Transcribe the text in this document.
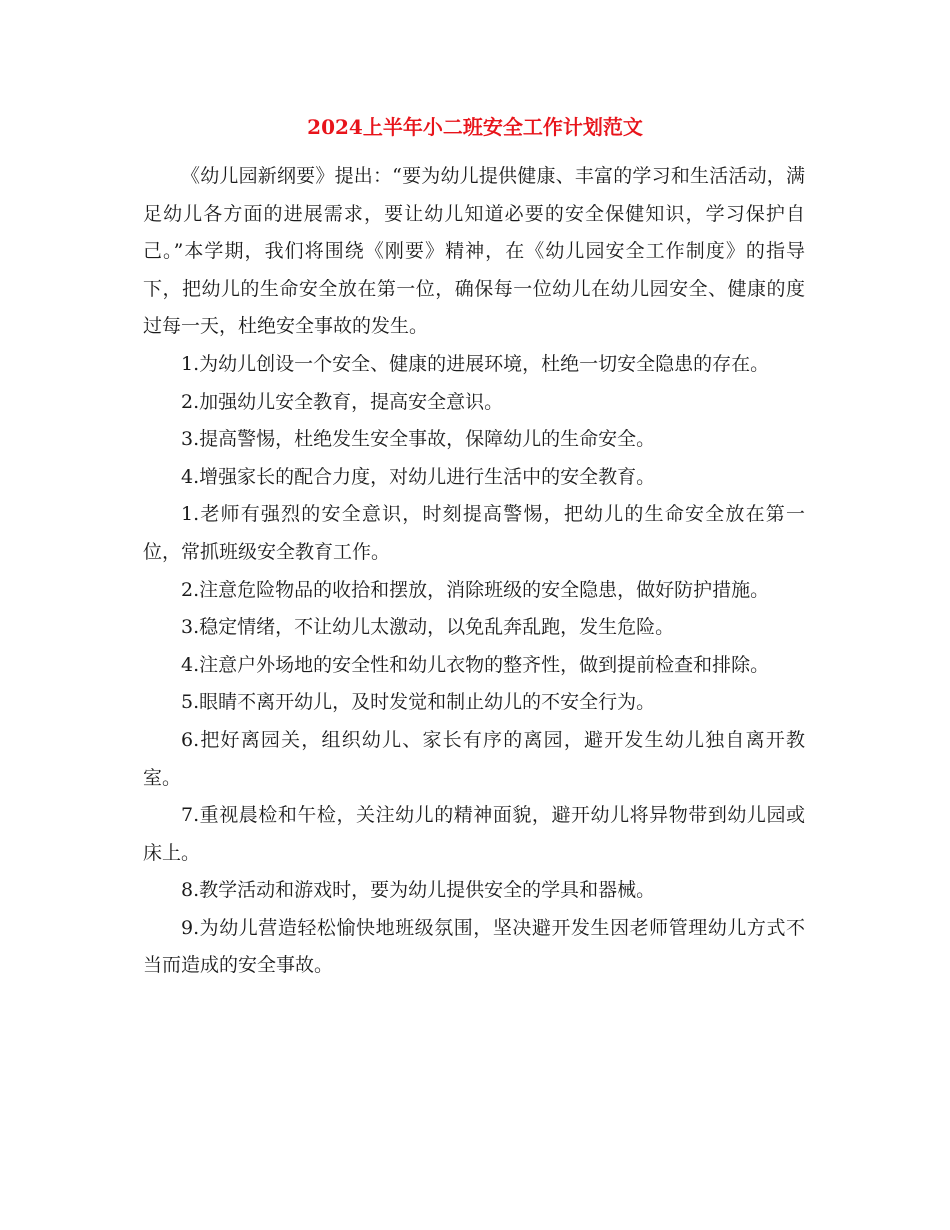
2024上半年小二班安全工作计划范文

《幼儿园新纲要》提出：“要为幼儿提供健康、丰富的学习和生活活动，满足幼儿各方面的进展需求，要让幼儿知道必要的安全保健知识，学习保护自己。”本学期，我们将围绕《刚要》精神，在《幼儿园安全工作制度》的指导下，把幼儿的生命安全放在第一位，确保每一位幼儿在幼儿园安全、健康的度过每一天，杜绝安全事故的发生。

1.为幼儿创设一个安全、健康的进展环境，杜绝一切安全隐患的存在。

2.加强幼儿安全教育，提高安全意识。

3.提高警惕，杜绝发生安全事故，保障幼儿的生命安全。

4.增强家长的配合力度，对幼儿进行生活中的安全教育。

1.老师有强烈的安全意识，时刻提高警惕，把幼儿的生命安全放在第一位，常抓班级安全教育工作。

2.注意危险物品的收拾和摆放，消除班级的安全隐患，做好防护措施。

3.稳定情绪，不让幼儿太激动，以免乱奔乱跑，发生危险。

4.注意户外场地的安全性和幼儿衣物的整齐性，做到提前检查和排除。

5.眼睛不离开幼儿，及时发觉和制止幼儿的不安全行为。

6.把好离园关，组织幼儿、家长有序的离园，避开发生幼儿独自离开教室。

7.重视晨检和午检，关注幼儿的精神面貌，避开幼儿将异物带到幼儿园或床上。

8.教学活动和游戏时，要为幼儿提供安全的学具和器械。

9.为幼儿营造轻松愉快地班级氛围，坚决避开发生因老师管理幼儿方式不当而造成的安全事故。
